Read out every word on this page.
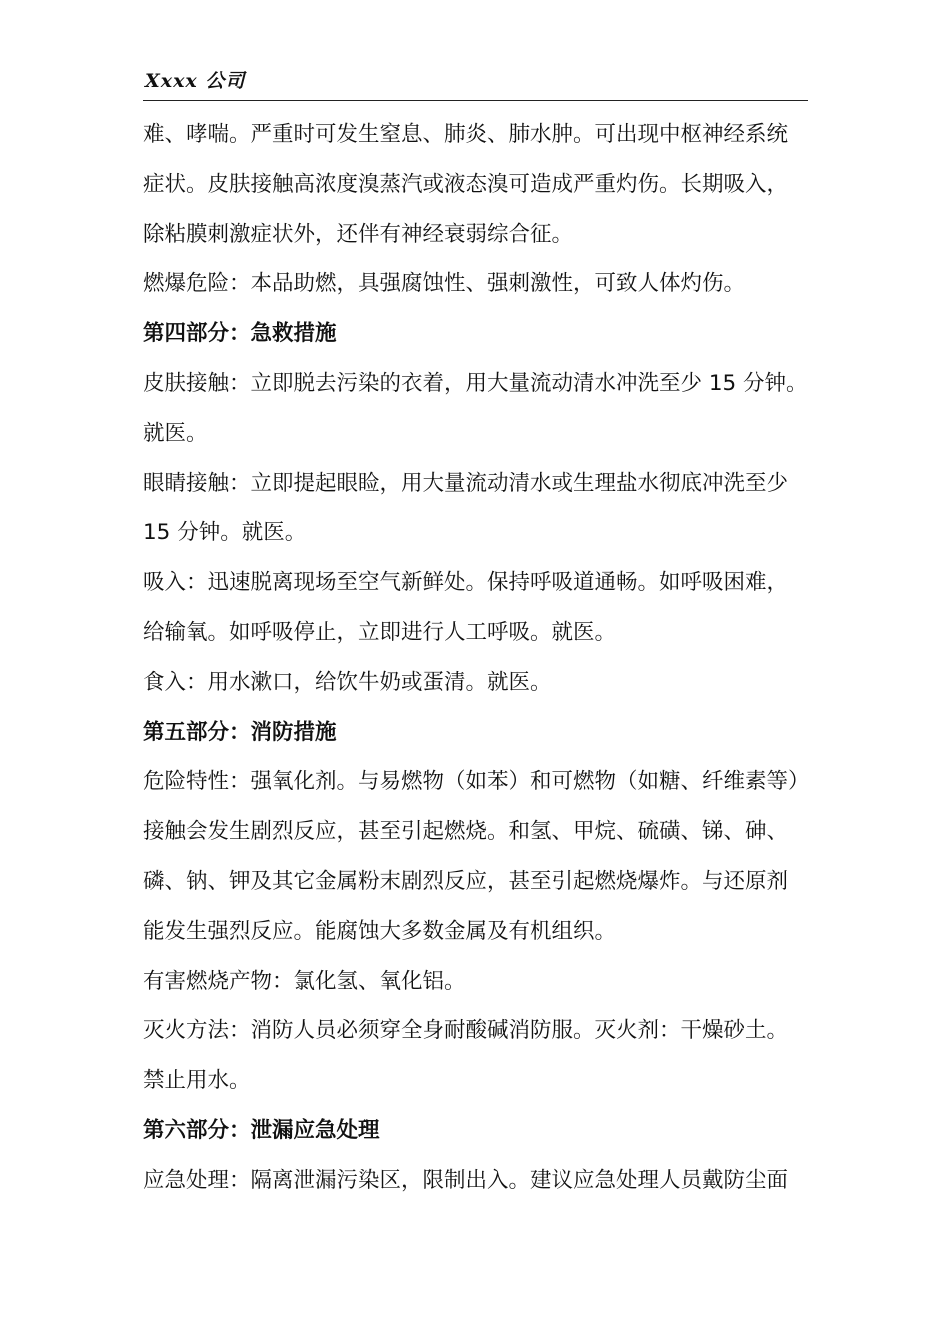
Xxxx 公司
难、哮喘。严重时可发生窒息、肺炎、肺水肿。可出现中枢神经系统
症状。皮肤接触高浓度溴蒸汽或液态溴可造成严重灼伤。长期吸入，
除粘膜刺激症状外，还伴有神经衰弱综合征。
燃爆危险：本品助燃，具强腐蚀性、强刺激性，可致人体灼伤。
第四部分：急救措施
皮肤接触：立即脱去污染的衣着，用大量流动清水冲洗至少 15 分钟。
就医。
眼睛接触：立即提起眼睑，用大量流动清水或生理盐水彻底冲洗至少
15 分钟。就医。
吸入：迅速脱离现场至空气新鲜处。保持呼吸道通畅。如呼吸困难，
给输氧。如呼吸停止，立即进行人工呼吸。就医。
食入：用水漱口，给饮牛奶或蛋清。就医。
第五部分：消防措施
危险特性：强氧化剂。与易燃物（如苯）和可燃物（如糖、纤维素等）
接触会发生剧烈反应，甚至引起燃烧。和氢、甲烷、硫磺、锑、砷、
磷、钠、钾及其它金属粉末剧烈反应，甚至引起燃烧爆炸。与还原剂
能发生强烈反应。能腐蚀大多数金属及有机组织。
有害燃烧产物：氯化氢、氧化铝。
灭火方法：消防人员必须穿全身耐酸碱消防服。灭火剂：干燥砂土。
禁止用水。
第六部分：泄漏应急处理
应急处理：隔离泄漏污染区，限制出入。建议应急处理人员戴防尘面
